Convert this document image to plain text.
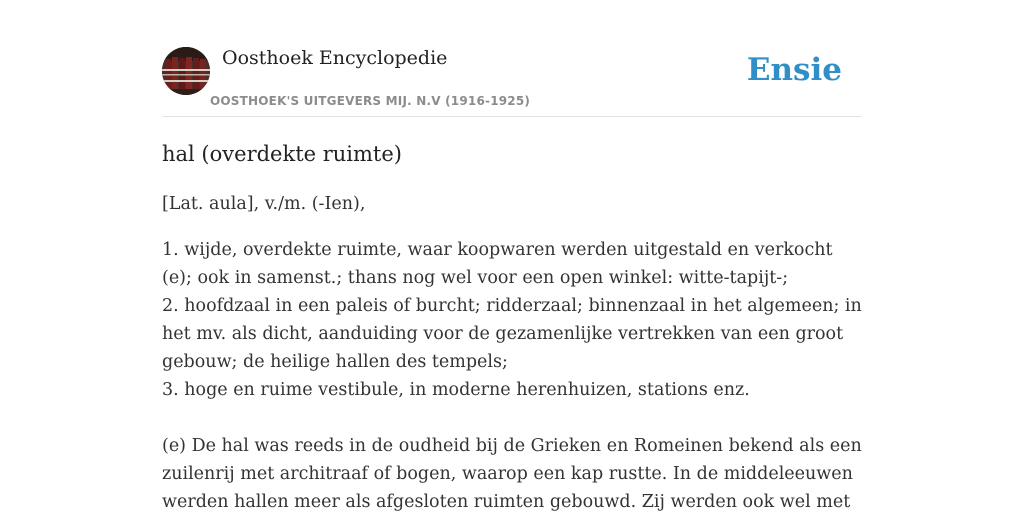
Oosthoek Encyclopedie
OOSTHOEK'S UITGEVERS MIJ. N.V (1916-1925)
Ensie
hal (overdekte ruimte)

[Lat. aula], v./m. (-Ien),

1. wijde, overdekte ruimte, waar koopwaren werden uitgestald en verkocht (e); ook in samenst.; thans nog wel voor een open winkel: witte-tapijt-;
2. hoofdzaal in een paleis of burcht; ridderzaal; binnenzaal in het algemeen; in het mv. als dicht, aanduiding voor de gezamenlijke vertrekken van een groot gebouw; de heilige hallen des tempels;
3. hoge en ruime vestibule, in moderne herenhuizen, stations enz.

(e) De hal was reeds in de oudheid bij de Grieken en Romeinen bekend als een zuilenrij met architraaf of bogen, waarop een kap rustte. In de middeleeuwen werden hallen meer als afgesloten ruimten gebouwd. Zij werden ook wel met
